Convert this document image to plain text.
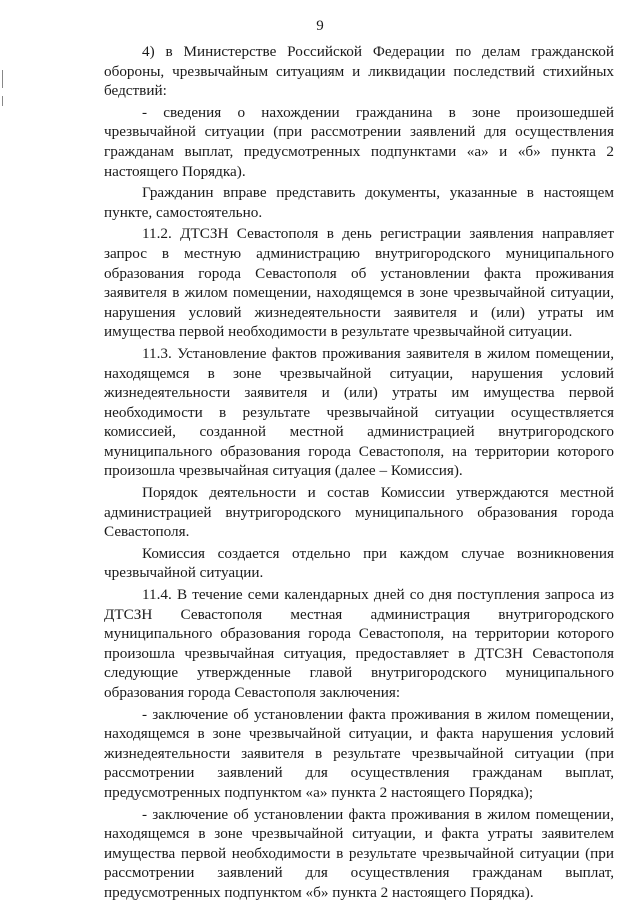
9

4) в Министерстве Российской Федерации по делам гражданской обороны, чрезвычайным ситуациям и ликвидации последствий стихийных бедствий:

- сведения о нахождении гражданина в зоне произошедшей чрезвычайной ситуации (при рассмотрении заявлений для осуществления гражданам выплат, предусмотренных подпунктами «а» и «б» пункта 2 настоящего Порядка).

Гражданин вправе представить документы, указанные в настоящем пункте, самостоятельно.

11.2. ДТСЗН Севастополя в день регистрации заявления направляет запрос в местную администрацию внутригородского муниципального образования города Севастополя об установлении факта проживания заявителя в жилом помещении, находящемся в зоне чрезвычайной ситуации, нарушения условий жизнедеятельности заявителя и (или) утраты им имущества первой необходимости в результате чрезвычайной ситуации.

11.3. Установление фактов проживания заявителя в жилом помещении, находящемся в зоне чрезвычайной ситуации, нарушения условий жизнедеятельности заявителя и (или) утраты им имущества первой необходимости в результате чрезвычайной ситуации осуществляется комиссией, созданной местной администрацией внутригородского муниципального образования города Севастополя, на территории которого произошла чрезвычайная ситуация (далее – Комиссия).

Порядок деятельности и состав Комиссии утверждаются местной администрацией внутригородского муниципального образования города Севастополя.

Комиссия создается отдельно при каждом случае возникновения чрезвычайной ситуации.

11.4. В течение семи календарных дней со дня поступления запроса из ДТСЗН Севастополя местная администрация внутригородского муниципального образования города Севастополя, на территории которого произошла чрезвычайная ситуация, предоставляет в ДТСЗН Севастополя следующие утвержденные главой внутригородского муниципального образования города Севастополя заключения:

- заключение об установлении факта проживания в жилом помещении, находящемся в зоне чрезвычайной ситуации, и факта нарушения условий жизнедеятельности заявителя в результате чрезвычайной ситуации (при рассмотрении заявлений для осуществления гражданам выплат, предусмотренных подпунктом «а» пункта 2 настоящего Порядка);

- заключение об установлении факта проживания в жилом помещении, находящемся в зоне чрезвычайной ситуации, и факта утраты заявителем имущества первой необходимости в результате чрезвычайной ситуации (при рассмотрении заявлений для осуществления гражданам выплат, предусмотренных подпунктом «б» пункта 2 настоящего Порядка).
